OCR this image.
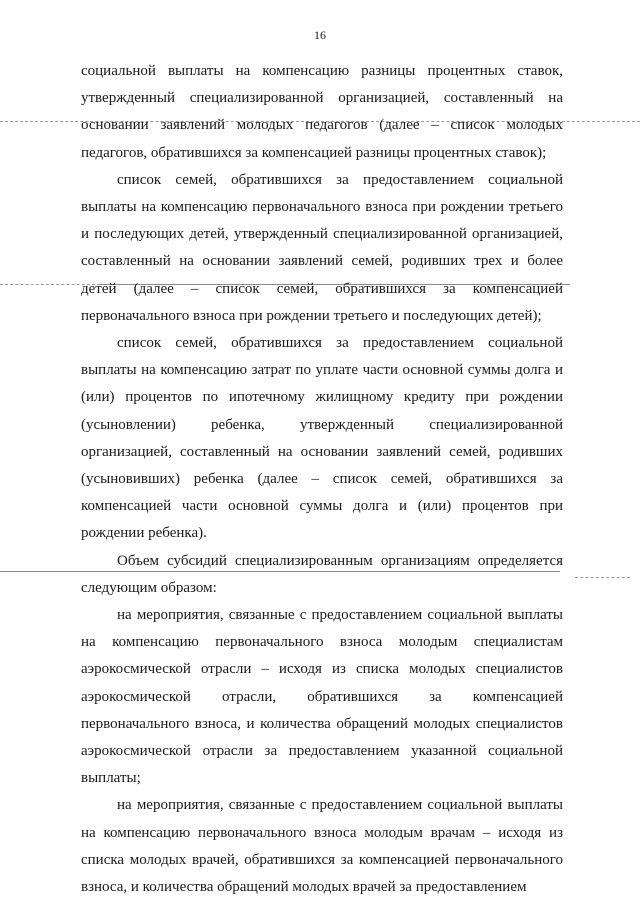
16

социальной выплаты на компенсацию разницы процентных ставок, утвержденный специализированной организацией, составленный на основании заявлений молодых педагогов (далее – список молодых педагогов, обратившихся за компенсацией разницы процентных ставок);

список семей, обратившихся за предоставлением социальной выплаты на компенсацию первоначального взноса при рождении третьего и последующих детей, утвержденный специализированной организацией, составленный на основании заявлений семей, родивших трех и более детей (далее – список семей, обратившихся за компенсацией первоначального взноса при рождении третьего и последующих детей);

список семей, обратившихся за предоставлением социальной выплаты на компенсацию затрат по уплате части основной суммы долга и (или) процентов по ипотечному жилищному кредиту при рождении (усыновлении) ребенка, утвержденный специализированной организацией, составленный на основании заявлений семей, родивших (усыновивших) ребенка (далее – список семей, обратившихся за компенсацией части основной суммы долга и (или) процентов при рождении ребенка).

Объем субсидий специализированным организациям определяется следующим образом:

на мероприятия, связанные с предоставлением социальной выплаты на компенсацию первоначального взноса молодым специалистам аэрокосмической отрасли – исходя из списка молодых специалистов аэрокосмической отрасли, обратившихся за компенсацией первоначального взноса, и количества обращений молодых специалистов аэрокосмической отрасли за предоставлением указанной социальной выплаты;

на мероприятия, связанные с предоставлением социальной выплаты на компенсацию первоначального взноса молодым врачам – исходя из списка молодых врачей, обратившихся за компенсацией первоначального взноса, и количества обращений молодых врачей за предоставлением
